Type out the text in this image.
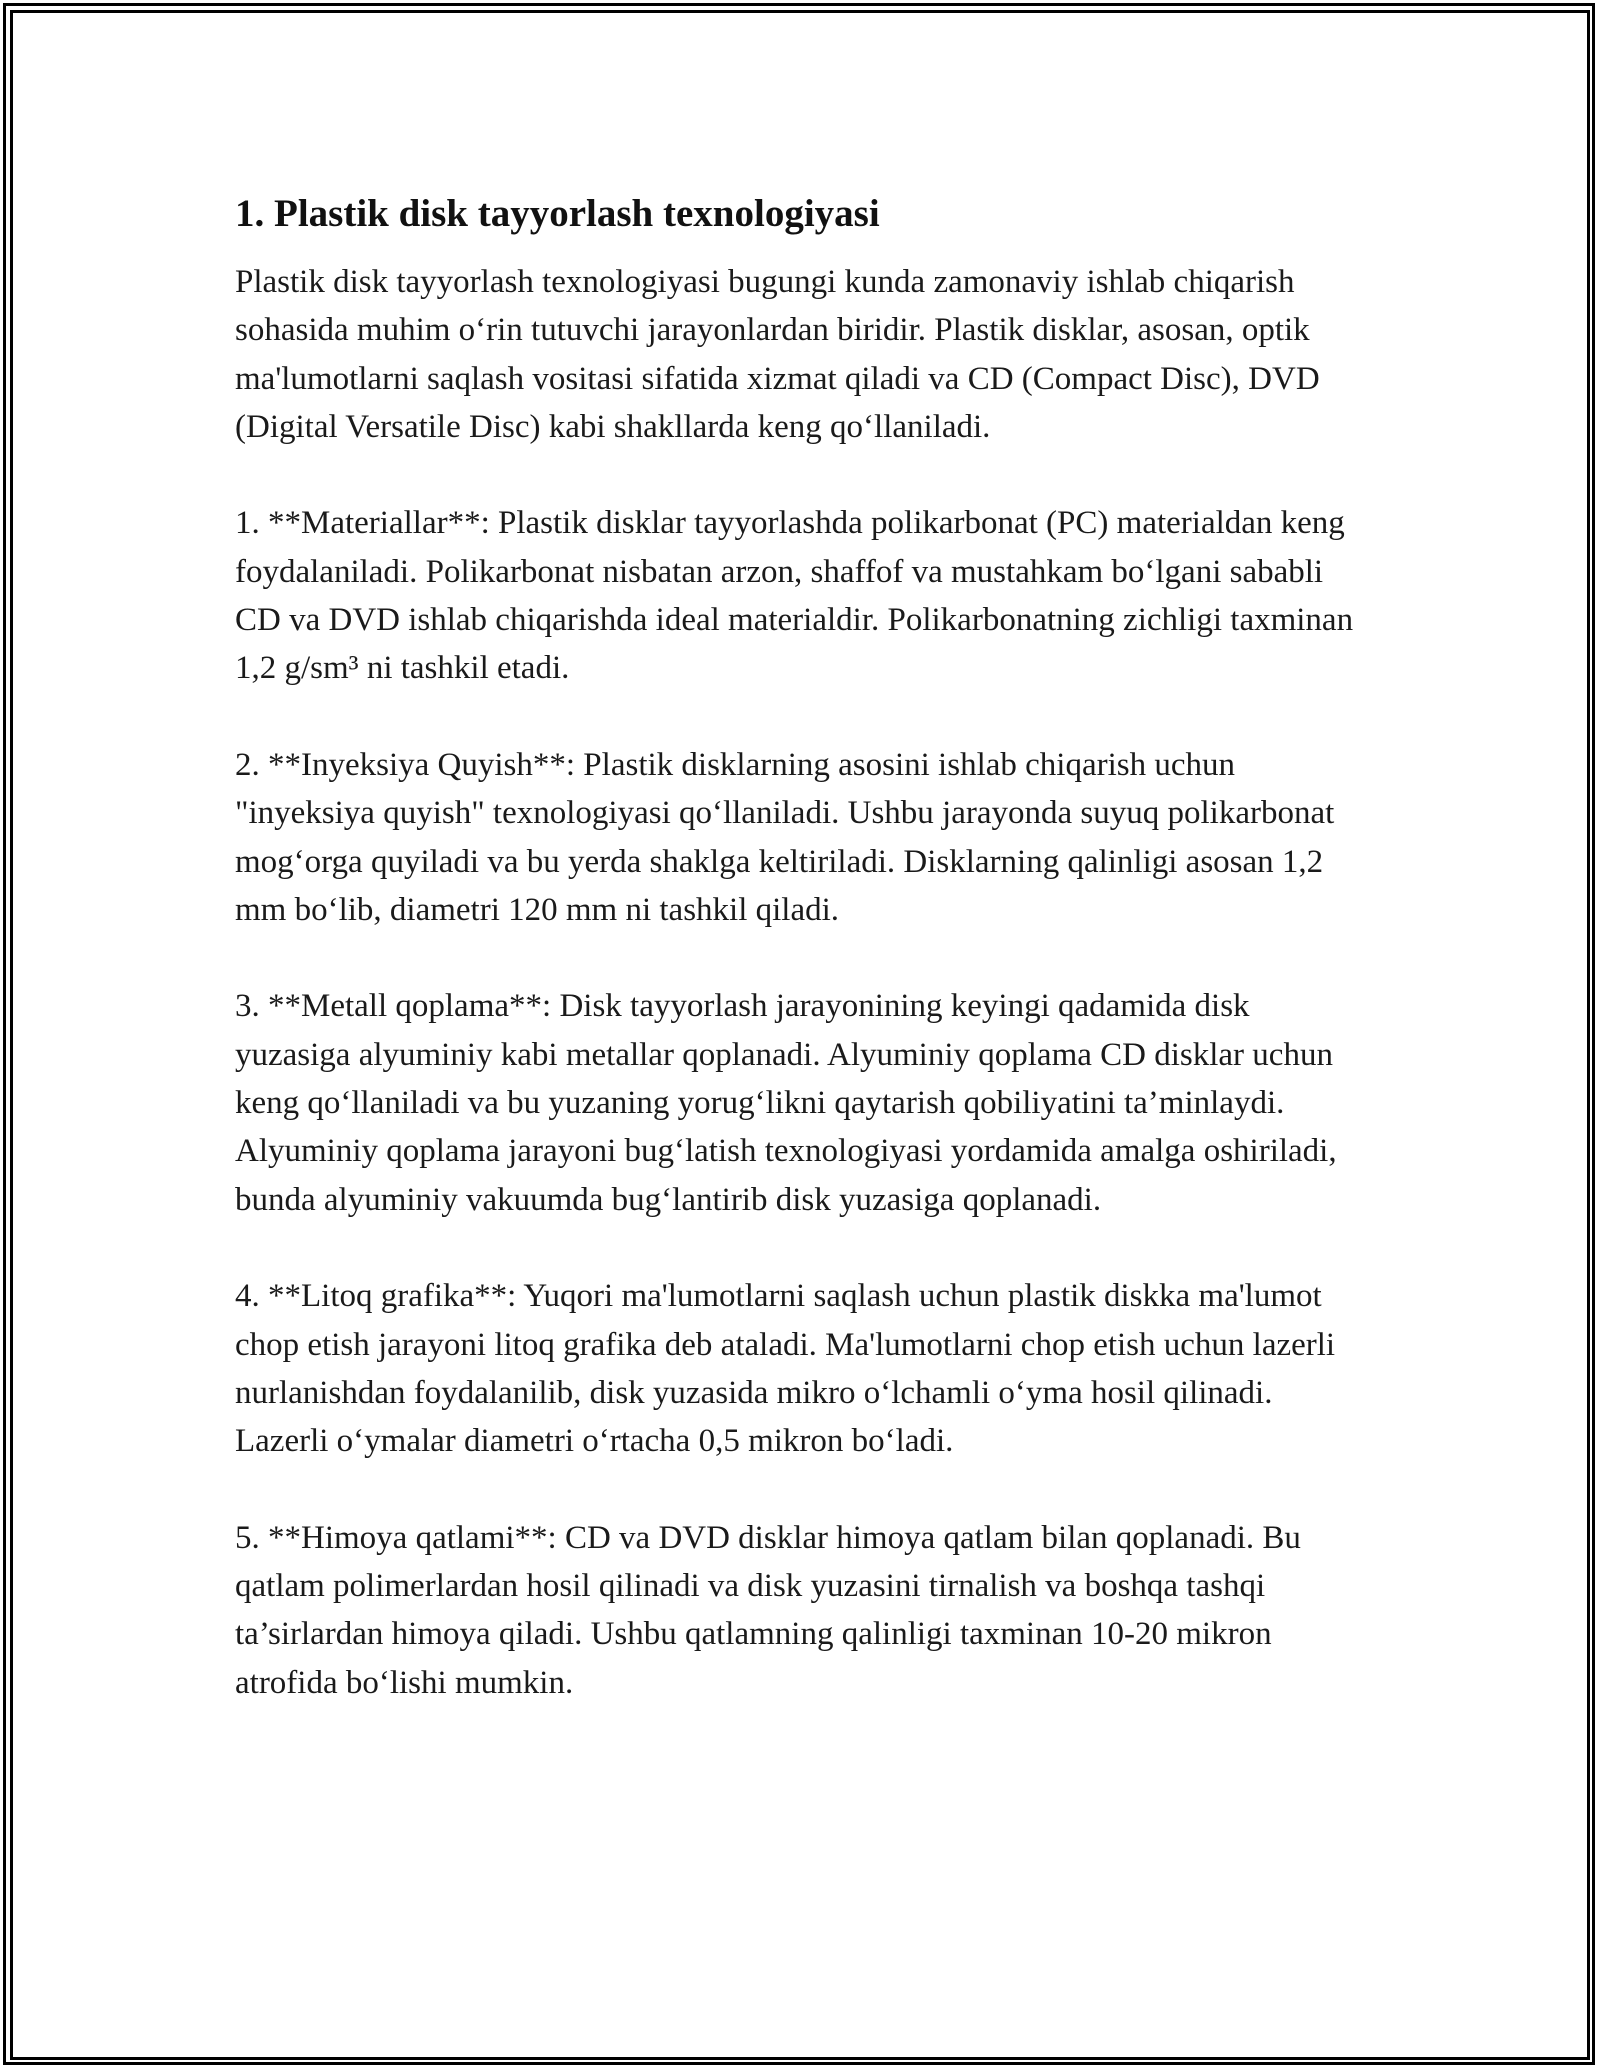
1. Plastik disk tayyorlash texnologiyasi

Plastik disk tayyorlash texnologiyasi bugungi kunda zamonaviy ishlab chiqarish sohasida muhim o‘rin tutuvchi jarayonlardan biridir. Plastik disklar, asosan, optik ma'lumotlarni saqlash vositasi sifatida xizmat qiladi va CD (Compact Disc), DVD (Digital Versatile Disc) kabi shakllarda keng qo‘llaniladi.

1. **Materiallar**: Plastik disklar tayyorlashda polikarbonat (PC) materialdan keng foydalaniladi. Polikarbonat nisbatan arzon, shaffof va mustahkam bo‘lgani sababli CD va DVD ishlab chiqarishda ideal materialdir. Polikarbonatning zichligi taxminan 1,2 g/sm³ ni tashkil etadi.

2. **Inyeksiya Quyish**: Plastik disklarning asosini ishlab chiqarish uchun "inyeksiya quyish" texnologiyasi qo‘llaniladi. Ushbu jarayonda suyuq polikarbonat mog‘orga quyiladi va bu yerda shaklga keltiriladi. Disklarning qalinligi asosan 1,2 mm bo‘lib, diametri 120 mm ni tashkil qiladi.

3. **Metall qoplama**: Disk tayyorlash jarayonining keyingi qadamida disk yuzasiga alyuminiy kabi metallar qoplanadi. Alyuminiy qoplama CD disklar uchun keng qo‘llaniladi va bu yuzaning yorug‘likni qaytarish qobiliyatini ta’minlaydi. Alyuminiy qoplama jarayoni bug‘latish texnologiyasi yordamida amalga oshiriladi, bunda alyuminiy vakuumda bug‘lantirib disk yuzasiga qoplanadi.

4. **Litoq grafika**: Yuqori ma'lumotlarni saqlash uchun plastik diskka ma'lumot chop etish jarayoni litoq grafika deb ataladi. Ma'lumotlarni chop etish uchun lazerli nurlanishdan foydalanilib, disk yuzasida mikro o‘lchamli o‘yma hosil qilinadi. Lazerli o‘ymalar diametri o‘rtacha 0,5 mikron bo‘ladi.

5. **Himoya qatlami**: CD va DVD disklar himoya qatlam bilan qoplanadi. Bu qatlam polimerlardan hosil qilinadi va disk yuzasini tirnalish va boshqa tashqi ta’sirlardan himoya qiladi. Ushbu qatlamning qalinligi taxminan 10-20 mikron atrofida bo‘lishi mumkin.
